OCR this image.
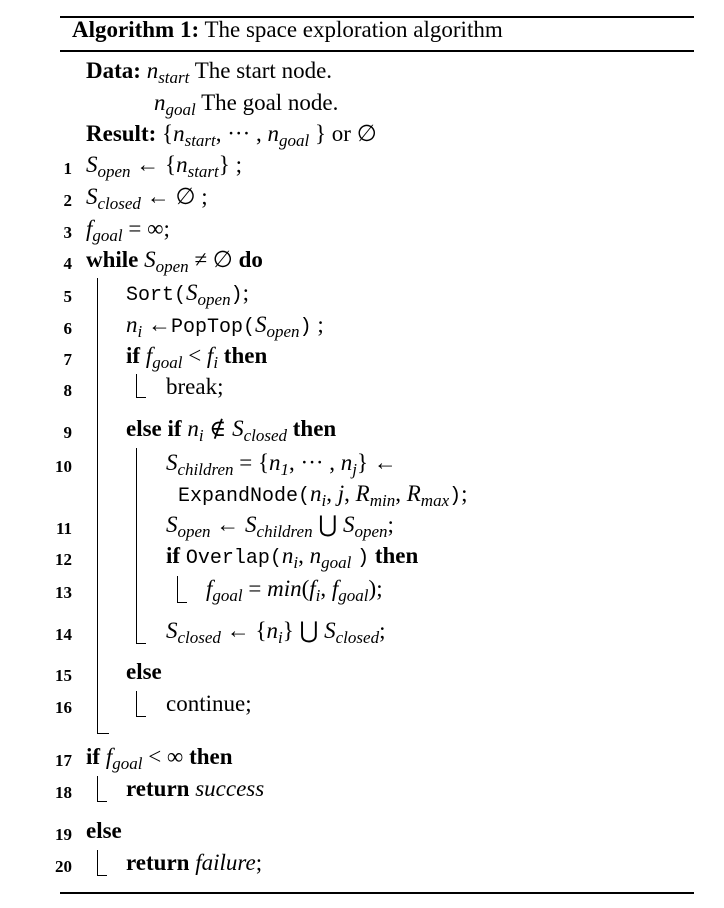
Algorithm 1: The space exploration algorithm
Data: $n_{start}$ The start node.
$n_{goal}$ The goal node.
Result: {$n_{start}$, ··· , $n_{goal}$ } or ∅
1 $S_{open}$ ← $\{n_{start}\}$ ;
2 $S_{closed}$ ← ∅ ;
3 $f_{goal}$ = ∞;
4 while $S_{open}$ ≠ ∅ do
5	$Sort(S_{open})$;
6 $n_i$ $\leftarrow PopTop(S_{open})$ ;
7 if $f_{goal} < f_i$ then
8	break;
9 else if $n_i$ ∉ $S_{closed}$ then
10	$S_{children} = \{n_1$, ··· , $n_j$} ←
$ExpandNode(n_i$, j, $R_{min}$, $R_{max}$);
11	$S_{open}$ ← $S_{children}$ ⋃ $S_{open}$;
12	if $Overlap(n_i$, $n_{goal}$ ) then
13	$f_{goal} = \min(f_i$, $f_{goal}$);
14	$S_{closed}$ ← $\{n_i\}$ ⋃ $S_{closed}$;
15 else
16	continue;
17 if $f_{goal}$ < ∞ then
18 return success
19 else
20 return failure;
